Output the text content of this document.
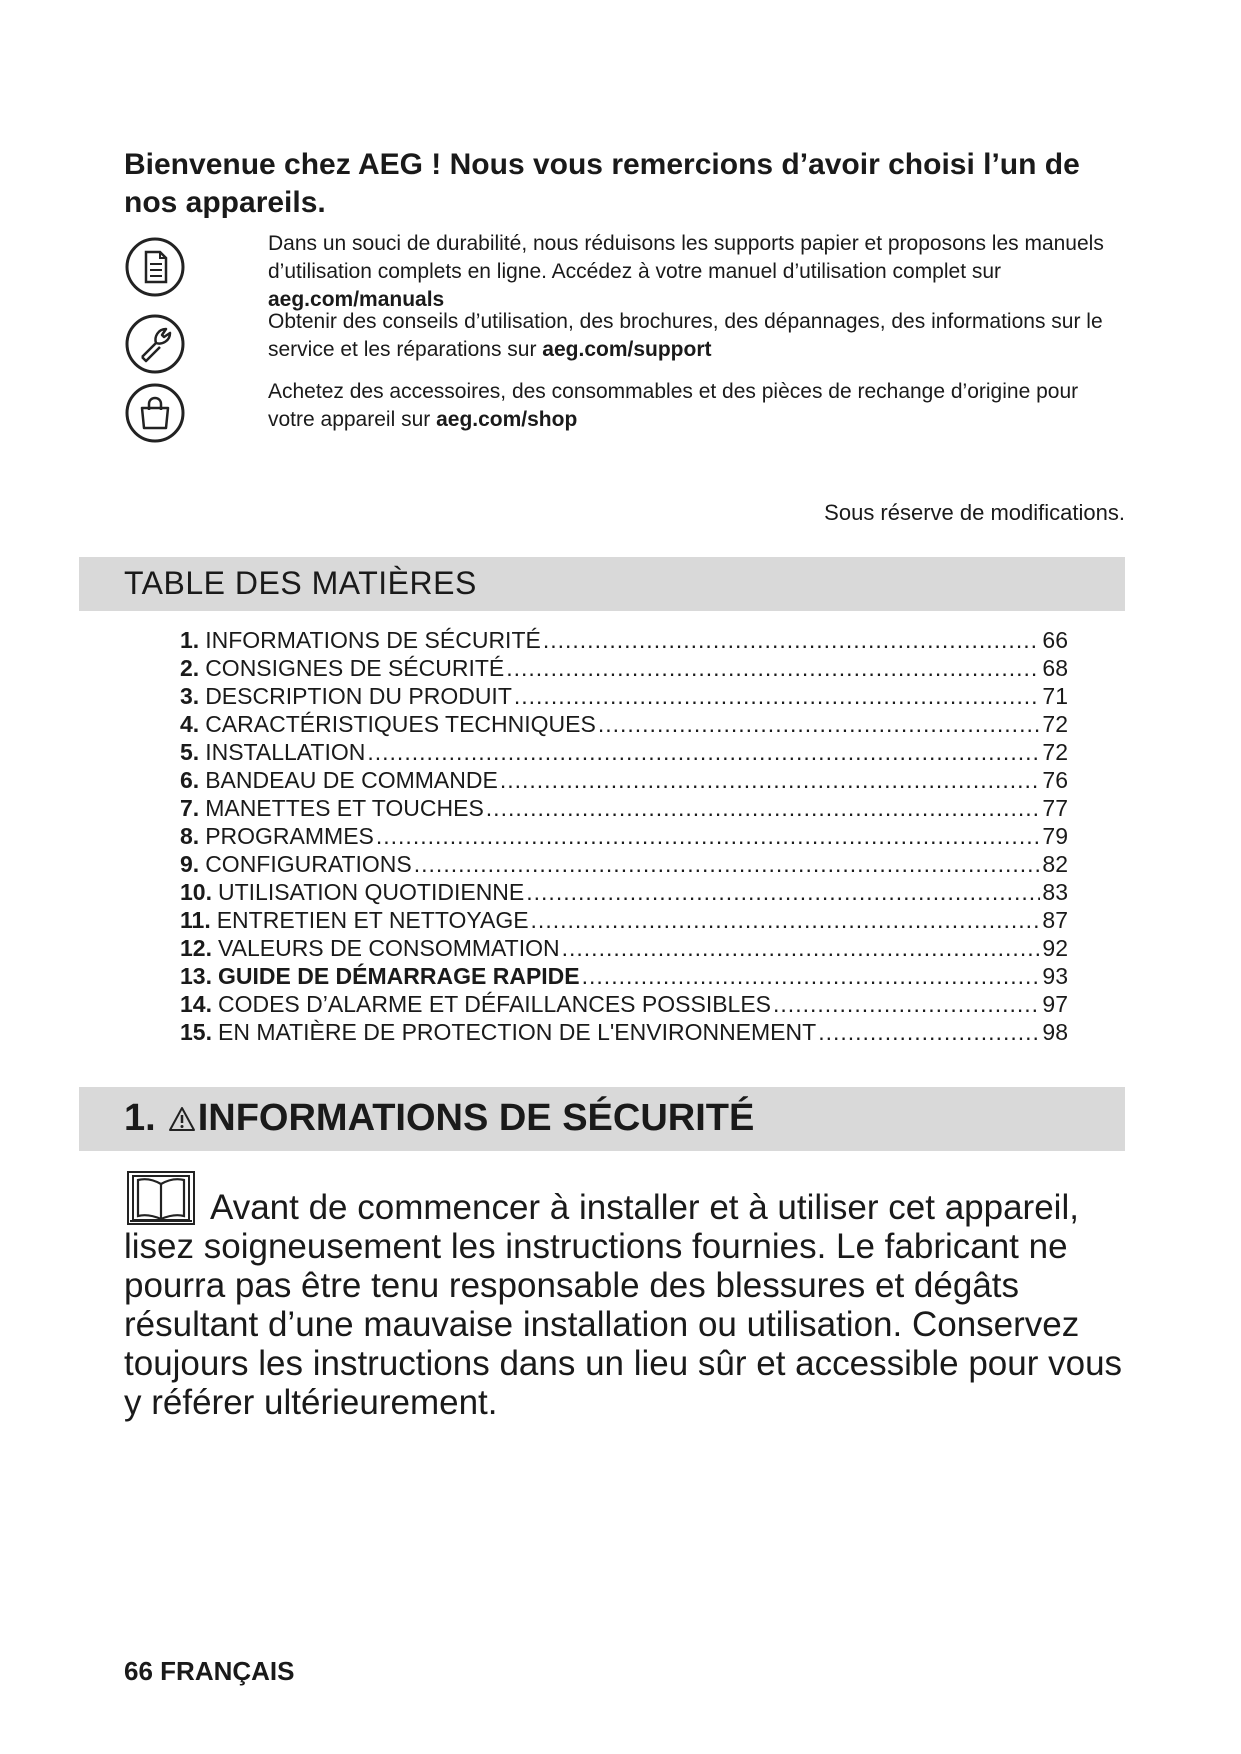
Bienvenue chez AEG ! Nous vous remercions d’avoir choisi l’un de nos appareils.
Dans un souci de durabilité, nous réduisons les supports papier et proposons les manuels d’utilisation complets en ligne. Accédez à votre manuel d’utilisation complet sur aeg.com/manuals
Obtenir des conseils d’utilisation, des brochures, des dépannages, des informations sur le service et les réparations sur aeg.com/support
Achetez des accessoires, des consommables et des pièces de rechange d’origine pour votre appareil sur aeg.com/shop
Sous réserve de modifications.
TABLE DES MATIÈRES
1. INFORMATIONS DE SÉCURITÉ .....	66
2. CONSIGNES DE SÉCURITÉ .....	68
3. DESCRIPTION DU PRODUIT .....	71
4. CARACTÉRISTIQUES TECHNIQUES .....	72
5. INSTALLATION .....	72
6. BANDEAU DE COMMANDE .....	76
7. MANETTES ET TOUCHES .....	77
8. PROGRAMMES .....	79
9. CONFIGURATIONS .....	82
10. UTILISATION QUOTIDIENNE .....	83
11. ENTRETIEN ET NETTOYAGE .....	87
12. VALEURS DE CONSOMMATION .....	92
13. GUIDE DE DÉMARRAGE RAPIDE .....	93
14. CODES D’ALARME ET DÉFAILLANCES POSSIBLES .....	97
15. EN MATIÈRE DE PROTECTION DE L'ENVIRONNEMENT .....	98
1. INFORMATIONS DE SÉCURITÉ
Avant de commencer à installer et à utiliser cet appareil, lisez soigneusement les instructions fournies. Le fabricant ne pourra pas être tenu responsable des blessures et dégâts résultant d’une mauvaise installation ou utilisation. Conservez toujours les instructions dans un lieu sûr et accessible pour vous y référer ultérieurement.
66 FRANÇAIS
